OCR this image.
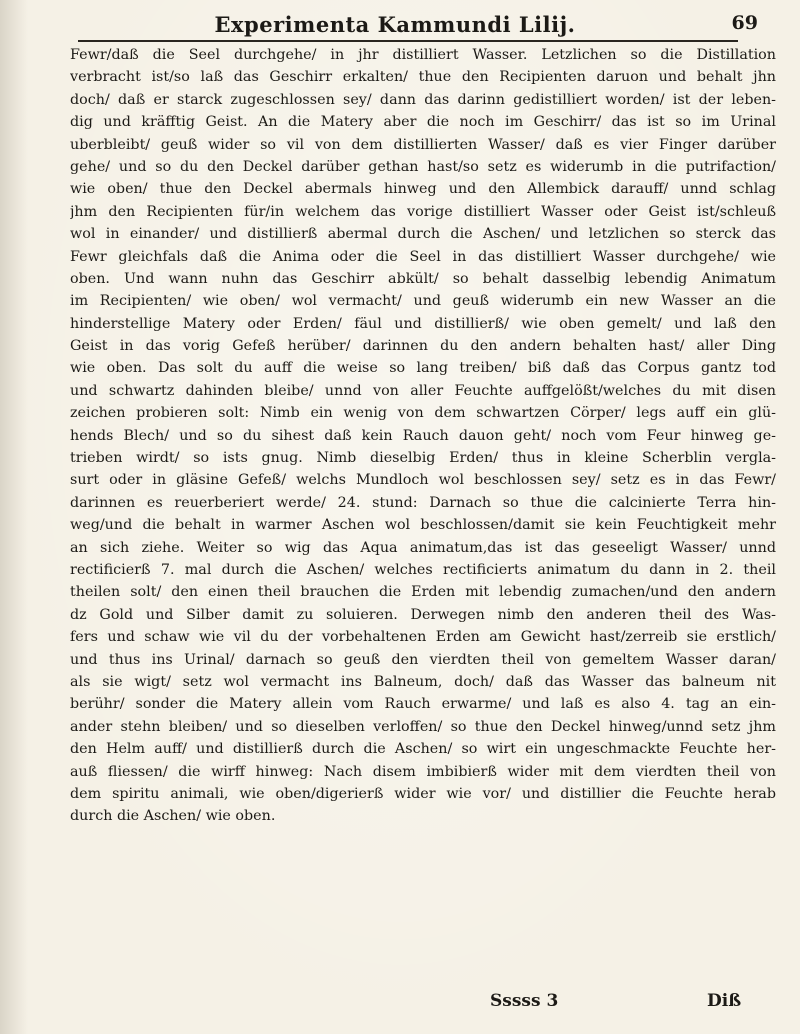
Experimenta Kammundi Lilij.	69
Fewr/daß die Seel durchgehe/ in jhr distilliert Wasser. Letzlichen so die Distillation
verbracht ist/so laß das Geschirr erkalten/ thue den Recipienten daruon und behalt jhn
doch/ daß er starck zugeschlossen sey/ dann das darinn gedistilliert worden/ ist der leben-
dig und kräfftig Geist. An die Matery aber die noch im Geschirr/ das ist so im Urinal
uberbleibt/ geuß wider so vil von dem distillierten Wasser/ daß es vier Finger darüber
gehe/ und so du den Deckel darüber gethan hast/so setz es widerumb in die putrifaction/
wie oben/ thue den Deckel abermals hinweg und den Allembick darauff/ unnd schlag
jhm den Recipienten für/in welchem das vorige distilliert Wasser oder Geist ist/schleuß
wol in einander/ und distillierß abermal durch die Aschen/ und letzlichen so sterck das
Fewr gleichfals daß die Anima oder die Seel in das distilliert Wasser durchgehe/ wie
oben. Und wann nuhn das Geschirr abkült/ so behalt dasselbig lebendig Animatum
im Recipienten/ wie oben/ wol vermacht/ und geuß widerumb ein new Wasser an die
hinderstellige Matery oder Erden/ fäul und distillierß/ wie oben gemelt/ und laß den
Geist in das vorig Gefeß herüber/ darinnen du den andern behalten hast/ aller Ding
wie oben. Das solt du auff die weise so lang treiben/ biß daß das Corpus gantz tod
und schwartz dahinden bleibe/ unnd von aller Feuchte auffgelößt/welches du mit disen
zeichen probieren solt: Nimb ein wenig von dem schwartzen Cörper/ legs auff ein glü-
hends Blech/ und so du sihest daß kein Rauch dauon geht/ noch vom Feur hinweg ge-
trieben wirdt/ so ists gnug. Nimb dieselbig Erden/ thus in kleine Scherblin vergla-
surt oder in gläsine Gefeß/ welchs Mundloch wol beschlossen sey/ setz es in das Fewr/
darinnen es reuerberiert werde/ 24. stund: Darnach so thue die calcinierte Terra hin-
weg/und die behalt in warmer Aschen wol beschlossen/damit sie kein Feuchtigkeit mehr
an sich ziehe. Weiter so wig das Aqua animatum,das ist das geseeligt Wasser/ unnd
rectificierß 7. mal durch die Aschen/ welches rectificierts animatum du dann in 2. theil
theilen solt/ den einen theil brauchen die Erden mit lebendig zumachen/und den andern
dz Gold und Silber damit zu soluieren. Derwegen nimb den anderen theil des Was-
fers und schaw wie vil du der vorbehaltenen Erden am Gewicht hast/zerreib sie erstlich/
und thus ins Urinal/ darnach so geuß den vierdten theil von gemeltem Wasser daran/
als sie wigt/ setz wol vermacht ins Balneum, doch/ daß das Wasser das balneum nit
berühr/ sonder die Matery allein vom Rauch erwarme/ und laß es also 4. tag an ein-
ander stehn bleiben/ und so dieselben verloffen/ so thue den Deckel hinweg/unnd setz jhm
den Helm auff/ und distillierß durch die Aschen/ so wirt ein ungeschmackte Feuchte her-
auß fliessen/ die wirff hinweg: Nach disem imbibierß wider mit dem vierdten theil von
dem spiritu animali, wie oben/digerierß wider wie vor/ und distillier die Feuchte herab
durch die Aschen/ wie oben.
Sssss 3	Diß
